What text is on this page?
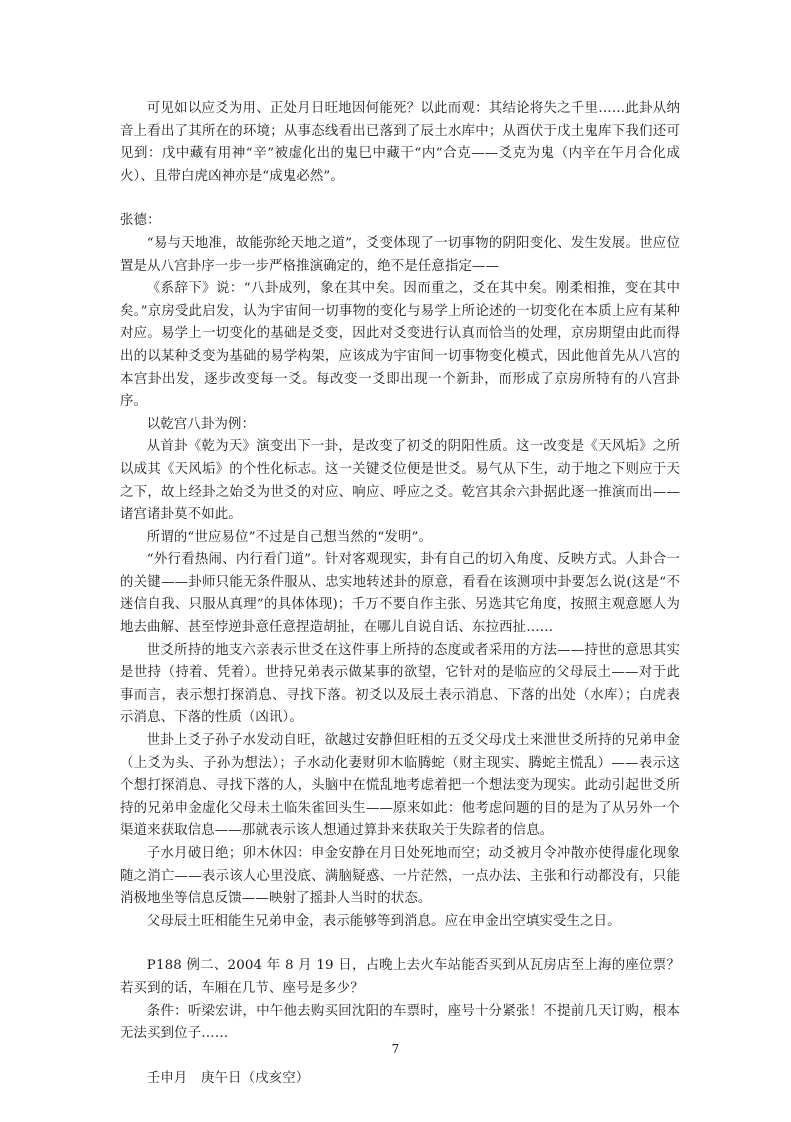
可见如以应爻为用、正处月日旺地因何能死？以此而观：其结论将失之千里……此卦从纳音上看出了其所在的环境；从事态线看出已落到了辰土水库中；从酉伏于戊土鬼库下我们还可见到：戊中藏有用神“辛”被虚化出的鬼巳中藏干“内”合克——爻克为鬼（内辛在午月合化成火）、且带白虎凶神亦是“成鬼必然”。

张德：

“易与天地准，故能弥纶天地之道”，爻变体现了一切事物的阴阳变化、发生发展。世应位置是从八宫卦序一步一步严格推演确定的，绝不是任意指定——

《系辞下》说：“八卦成列，象在其中矣。因而重之，爻在其中矣。刚柔相推，变在其中矣。”京房受此启发，认为宇宙间一切事物的变化与易学上所论述的一切变化在本质上应有某种对应。易学上一切变化的基础是爻变，因此对爻变进行认真而恰当的处理，京房期望由此而得出的以某种爻变为基础的易学构架，应该成为宇宙间一切事物变化模式，因此他首先从八宫的本宫卦出发，逐步改变每一爻。每改变一爻即出现一个新卦，而形成了京房所特有的八宫卦序。

以乾宫八卦为例：

从首卦《乾为天》演变出下一卦，是改变了初爻的阴阳性质。这一改变是《天风垢》之所以成其《天风垢》的个性化标志。这一关键爻位便是世爻。易气从下生，动于地之下则应于天之下，故上经卦之始爻为世爻的对应、响应、呼应之爻。乾宫其余六卦据此逐一推演而出——诸宫诸卦莫不如此。

所谓的“世应易位”不过是自己想当然的“发明”。

“外行看热闹、内行看门道”。针对客观现实，卦有自己的切入角度、反映方式。人卦合一的关键——卦师只能无条件服从、忠实地转述卦的原意，看看在该测项中卦要怎么说(这是“不迷信自我、只服从真理”的具体体现)；千万不要自作主张、另选其它角度，按照主观意愿人为地去曲解、甚至悖逆卦意任意捏造胡扯，在哪儿自说自话、东拉西扯……

世爻所持的地支六亲表示世爻在这件事上所持的态度或者采用的方法——持世的意思其实是世持（持着、凭着）。世持兄弟表示做某事的欲望，它针对的是临应的父母辰土——对于此事而言，表示想打探消息、寻找下落。初爻以及辰土表示消息、下落的出处（水库）；白虎表示消息、下落的性质（凶讯）。

世卦上爻子孙子水发动自旺，欲越过安静但旺相的五爻父母戊土来泄世爻所持的兄弟申金（上爻为头、子孙为想法）；子水动化妻财卯木临腾蛇（财主现实、腾蛇主慌乱）——表示这个想打探消息、寻找下落的人，头脑中在慌乱地考虑着把一个想法变为现实。此动引起世爻所持的兄弟申金虚化父母未土临朱雀回头生——原来如此：他考虑问题的目的是为了从另外一个渠道来获取信息——那就表示该人想通过算卦来获取关于失踪者的信息。

子水月破日绝；卯木休囚：申金安静在月日处死地而空；动爻被月令冲散亦使得虚化现象随之消亡——表示该人心里没底、满脑疑惑、一片茫然，一点办法、主张和行动都没有，只能消极地坐等信息反馈——映射了摇卦人当时的状态。

父母辰土旺相能生兄弟申金，表示能够等到消息。应在申金出空填实受生之日。

P188 例二、2004 年 8 月 19 日，占晚上去火车站能否买到从瓦房店至上海的座位票？若买到的话，车厢在几节、座号是多少？

条件：听梁宏讲，中午他去购买回沈阳的车票时，座号十分紧张！不提前几天订购，根本无法买到位子……

壬申月　庚午日（戌亥空）

7
